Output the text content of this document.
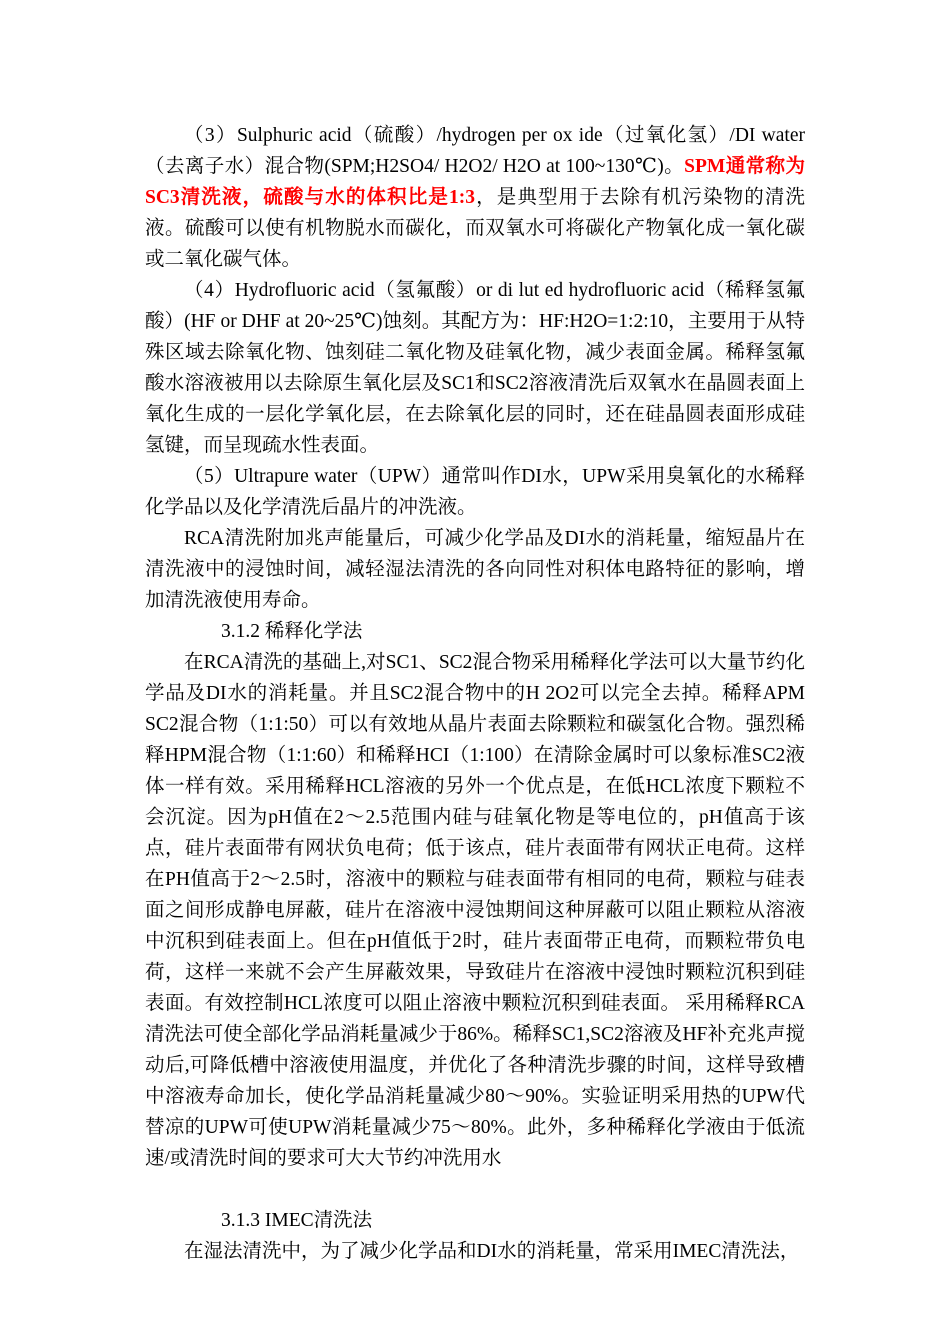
（3）Sulphuric acid（硫酸）/hydrogen per ox ide（过氧化氢）/DI water（去离子水）混合物(SPM;H2SO4/ H2O2/ H2O at 100~130℃)。SPM通常称为SC3清洗液，硫酸与水的体积比是1:3，是典型用于去除有机污染物的清洗液。硫酸可以使有机物脱水而碳化，而双氧水可将碳化产物氧化成一氧化碳或二氧化碳气体。

（4）Hydrofluoric acid（氢氟酸）or di lut ed hydrofluoric acid（稀释氢氟酸）(HF or DHF at 20~25℃)蚀刻。其配方为：HF:H2O=1:2:10，主要用于从特殊区域去除氧化物、蚀刻硅二氧化物及硅氧化物，减少表面金属。稀释氢氟酸水溶液被用以去除原生氧化层及SC1和SC2溶液清洗后双氧水在晶圆表面上氧化生成的一层化学氧化层，在去除氧化层的同时，还在硅晶圆表面形成硅氢键，而呈现疏水性表面。

（5）Ultrapure water（UPW）通常叫作DI水，UPW采用臭氧化的水稀释化学品以及化学清洗后晶片的冲洗液。

RCA清洗附加兆声能量后，可减少化学品及DI水的消耗量，缩短晶片在清洗液中的浸蚀时间，减轻湿法清洗的各向同性对积体电路特征的影响，增加清洗液使用寿命。

3.1.2 稀释化学法

在RCA清洗的基础上,对SC1、SC2混合物采用稀释化学法可以大量节约化学品及DI水的消耗量。并且SC2混合物中的H 2O2可以完全去掉。稀释APM SC2混合物（1:1:50）可以有效地从晶片表面去除颗粒和碳氢化合物。强烈稀释HPM混合物（1:1:60）和稀释HCI（1:100）在清除金属时可以象标准SC2液体一样有效。采用稀释HCL溶液的另外一个优点是，在低HCL浓度下颗粒不会沉淀。因为pH值在2～2.5范围内硅与硅氧化物是等电位的，pH值高于该点，硅片表面带有网状负电荷；低于该点，硅片表面带有网状正电荷。这样在PH值高于2～2.5时，溶液中的颗粒与硅表面带有相同的电荷，颗粒与硅表面之间形成静电屏蔽，硅片在溶液中浸蚀期间这种屏蔽可以阻止颗粒从溶液中沉积到硅表面上。但在pH值低于2时，硅片表面带正电荷，而颗粒带负电荷，这样一来就不会产生屏蔽效果，导致硅片在溶液中浸蚀时颗粒沉积到硅表面。有效控制HCL浓度可以阻止溶液中颗粒沉积到硅表面。 采用稀释RCA清洗法可使全部化学品消耗量减少于86%。稀释SC1,SC2溶液及HF补充兆声搅动后,可降低槽中溶液使用温度，并优化了各种清洗步骤的时间，这样导致槽中溶液寿命加长，使化学品消耗量减少80～90%。实验证明采用热的UPW代替凉的UPW可使UPW消耗量减少75～80%。此外，多种稀释化学液由于低流速/或清洗时间的要求可大大节约冲洗用水

3.1.3 IMEC清洗法

在湿法清洗中，为了减少化学品和DI水的消耗量，常采用IMEC清洗法，
